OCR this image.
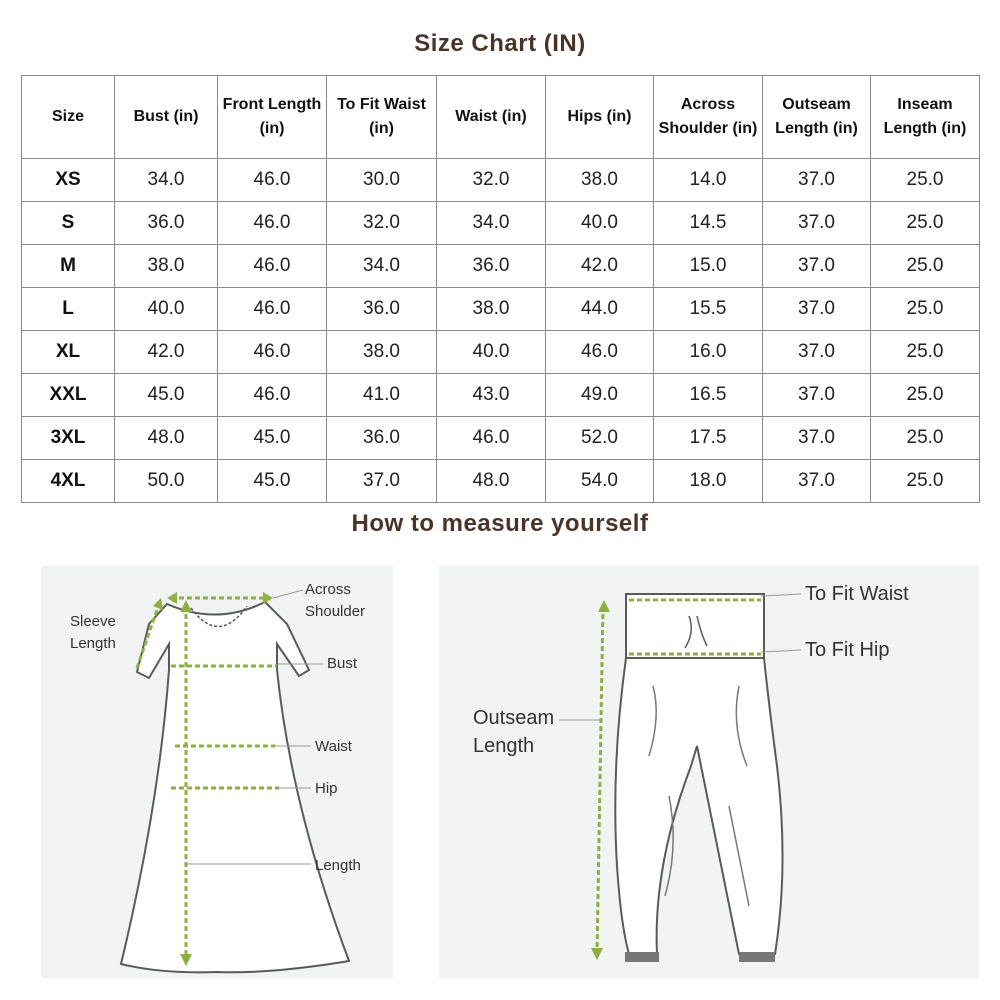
Size Chart (IN)
Size	Bust (in)	Front Length (in)	To Fit Waist (in)	Waist (in)	Hips (in)	Across Shoulder (in)	Outseam Length (in)	Inseam Length (in)
XS	34.0	46.0	30.0	32.0	38.0	14.0	37.0	25.0
S	36.0	46.0	32.0	34.0	40.0	14.5	37.0	25.0
M	38.0	46.0	34.0	36.0	42.0	15.0	37.0	25.0
L	40.0	46.0	36.0	38.0	44.0	15.5	37.0	25.0
XL	42.0	46.0	38.0	40.0	46.0	16.0	37.0	25.0
XXL	45.0	46.0	41.0	43.0	49.0	16.5	37.0	25.0
3XL	48.0	45.0	36.0	46.0	52.0	17.5	37.0	25.0
4XL	50.0	45.0	37.0	48.0	54.0	18.0	37.0	25.0
How to measure yourself
Sleeve
Length
Across
Shoulder
Bust
Waist
Hip
Length
To Fit Waist
To Fit Hip
Outseam
Length
